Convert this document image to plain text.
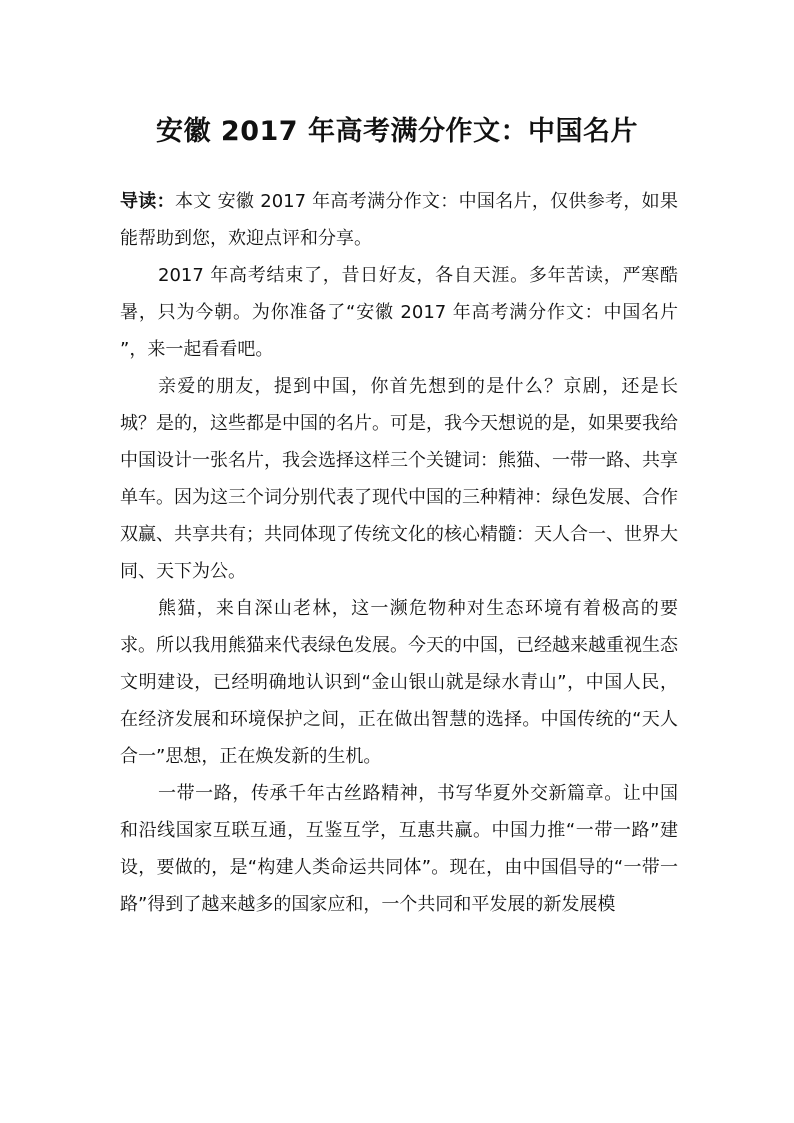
安徽 2017 年高考满分作文：中国名片

导读：本文 安徽 2017 年高考满分作文：中国名片，仅供参考，如果能帮助到您，欢迎点评和分享。

2017 年高考结束了，昔日好友，各自天涯。多年苦读，严寒酷暑，只为今朝。为你准备了“安徽 2017 年高考满分作文：中国名片 ”，来一起看看吧。

亲爱的朋友，提到中国，你首先想到的是什么？京剧，还是长城？是的，这些都是中国的名片。可是，我今天想说的是，如果要我给中国设计一张名片，我会选择这样三个关键词：熊猫、一带一路、共享单车。因为这三个词分别代表了现代中国的三种精神：绿色发展、合作双赢、共享共有；共同体现了传统文化的核心精髓：天人合一、世界大同、天下为公。

熊猫，来自深山老林，这一濒危物种对生态环境有着极高的要求。所以我用熊猫来代表绿色发展。今天的中国，已经越来越重视生态文明建设，已经明确地认识到“金山银山就是绿水青山”，中国人民，在经济发展和环境保护之间，正在做出智慧的选择。中国传统的“天人合一”思想，正在焕发新的生机。

一带一路，传承千年古丝路精神，书写华夏外交新篇章。让中国和沿线国家互联互通，互鉴互学，互惠共赢。中国力推“一带一路”建设，要做的，是“构建人类命运共同体”。现在，由中国倡导的“一带一路”得到了越来越多的国家应和，一个共同和平发展的新发展模
